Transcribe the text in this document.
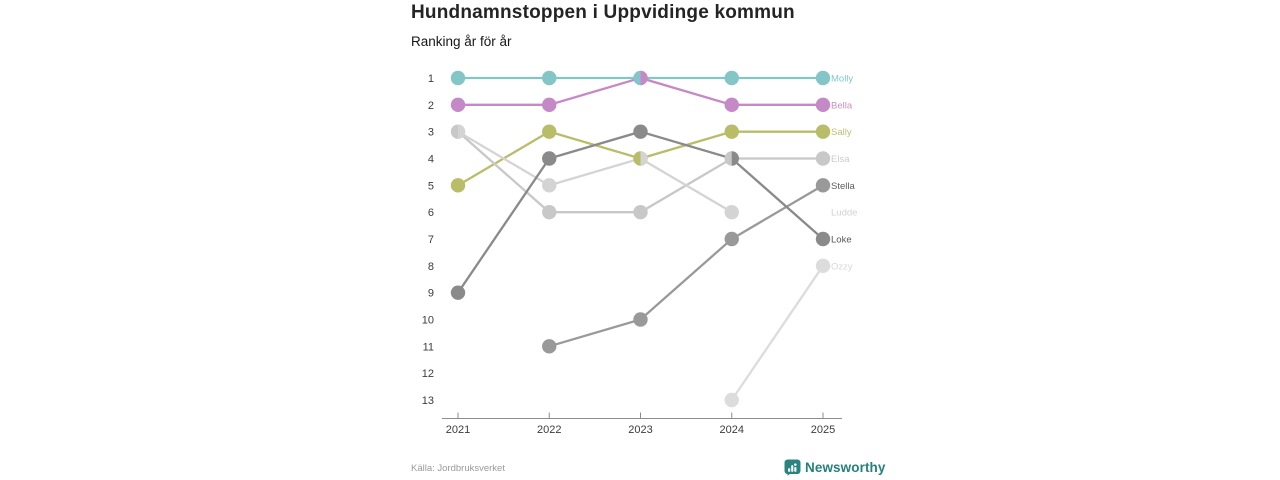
Hundnamnstoppen i Uppvidinge kommun
Ranking år för år
2021	2022	2023	2024	2025
1
2
3
4
5
6
7
8
9
10
11
12
13
Molly
Bella
Sally
Elsa
Stella
Ludde
Loke
Ozzy
Källa: Jordbruksverket	Newsworthy
